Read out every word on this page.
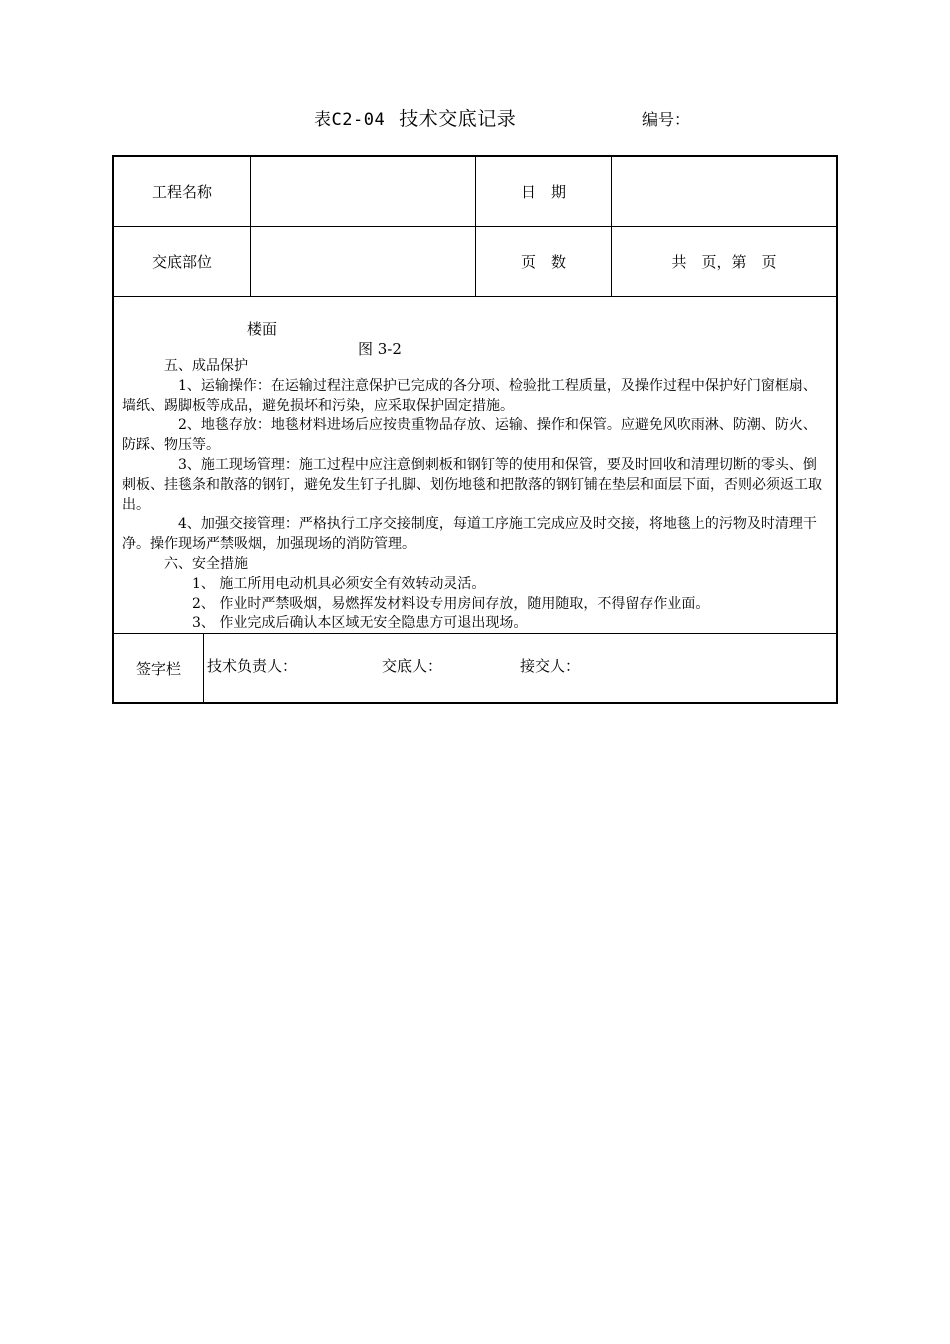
表C2-04 技术交底记录	编号：
工程名称	日　期
交底部位	页　数	共　页，第　页
楼面
图 3-2

五、成品保护

1、运输操作：在运输过程注意保护已完成的各分项、检验批工程质量，及操作过程中保护好门窗框扇、墙纸、踢脚板等成品，避免损坏和污染，应采取保护固定措施。

2、地毯存放：地毯材料进场后应按贵重物品存放、运输、操作和保管。应避免风吹雨淋、防潮、防火、防踩、物压等。

3、施工现场管理：施工过程中应注意倒刺板和钢钉等的使用和保管，要及时回收和清理切断的零头、倒刺板、挂毯条和散落的钢钉，避免发生钉子扎脚、划伤地毯和把散落的钢钉铺在垫层和面层下面，否则必须返工取出。

4、加强交接管理：严格执行工序交接制度，每道工序施工完成应及时交接，将地毯上的污物及时清理干净。操作现场严禁吸烟，加强现场的消防管理。

六、安全措施

1、 施工所用电动机具必须安全有效转动灵活。

2、 作业时严禁吸烟，易燃挥发材料设专用房间存放，随用随取，不得留存作业面。

3、 作业完成后确认本区域无安全隐患方可退出现场。

签字栏	技术负责人：	交底人：	接交人：
